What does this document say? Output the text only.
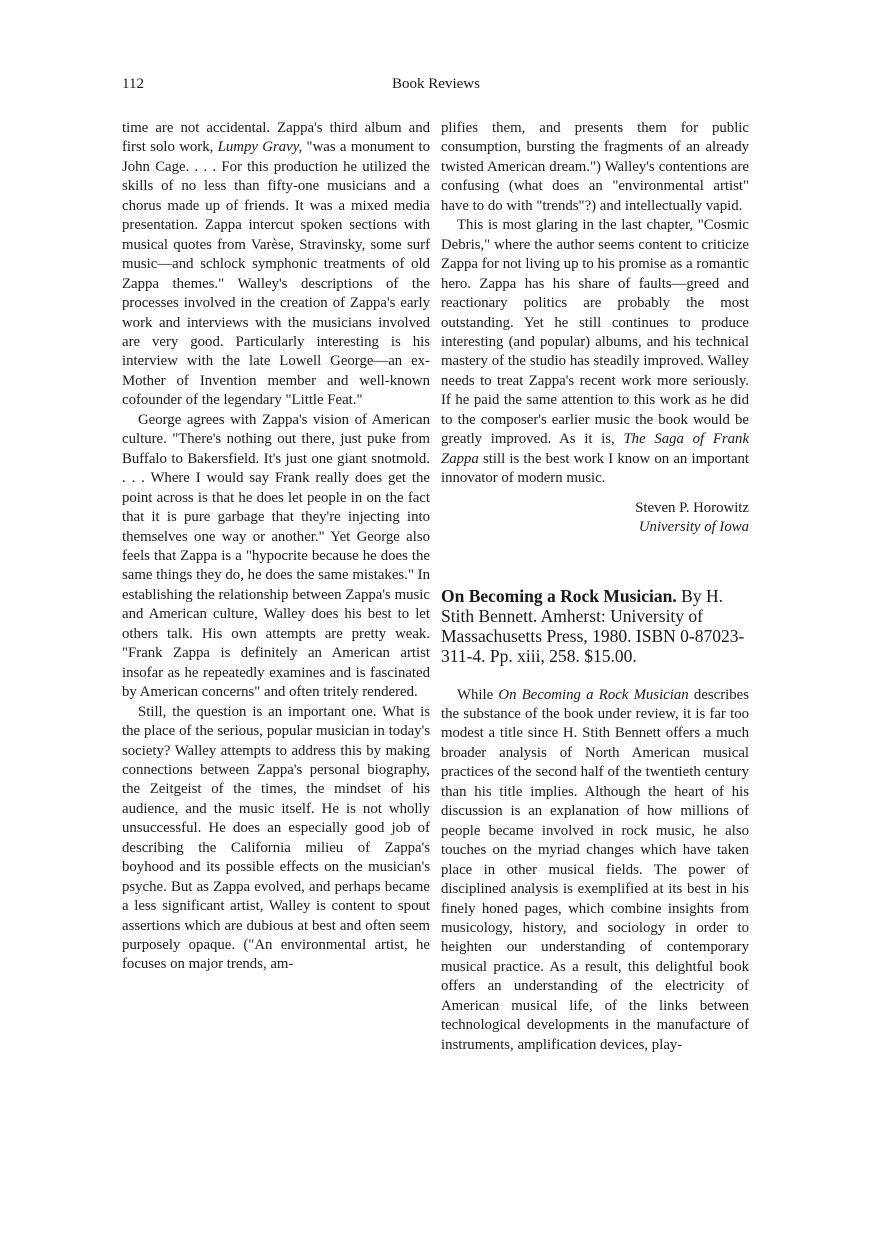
112	Book Reviews

time are not accidental. Zappa's third album and first solo work, Lumpy Gravy, "was a monument to John Cage. . . . For this production he utilized the skills of no less than fifty-one musicians and a chorus made up of friends. It was a mixed media presentation. Zappa intercut spoken sections with musical quotes from Varèse, Stravinsky, some surf music—and schlock symphonic treatments of old Zappa themes." Walley's descriptions of the processes involved in the creation of Zappa's early work and interviews with the musicians involved are very good. Particularly interesting is his interview with the late Lowell George—an ex-Mother of Invention member and well-known cofounder of the legendary "Little Feat."

George agrees with Zappa's vision of American culture. "There's nothing out there, just puke from Buffalo to Bakersfield. It's just one giant snotmold. . . . Where I would say Frank really does get the point across is that he does let people in on the fact that it is pure garbage that they're injecting into themselves one way or another." Yet George also feels that Zappa is a "hypocrite because he does the same things they do, he does the same mistakes." In establishing the relationship between Zappa's music and American culture, Walley does his best to let others talk. His own attempts are pretty weak. "Frank Zappa is definitely an American artist insofar as he repeatedly examines and is fascinated by American concerns" and often tritely rendered.

Still, the question is an important one. What is the place of the serious, popular musician in today's society? Walley attempts to address this by making connections between Zappa's personal biography, the Zeitgeist of the times, the mindset of his audience, and the music itself. He is not wholly unsuccessful. He does an especially good job of describing the California milieu of Zappa's boyhood and its possible effects on the musician's psyche. But as Zappa evolved, and perhaps became a less significant artist, Walley is content to spout assertions which are dubious at best and often seem purposely opaque. ("An environmental artist, he focuses on major trends, am-

plifies them, and presents them for public consumption, bursting the fragments of an already twisted American dream.") Walley's contentions are confusing (what does an "environmental artist" have to do with "trends"?) and intellectually vapid.

This is most glaring in the last chapter, "Cosmic Debris," where the author seems content to criticize Zappa for not living up to his promise as a romantic hero. Zappa has his share of faults—greed and reactionary politics are probably the most outstanding. Yet he still continues to produce interesting (and popular) albums, and his technical mastery of the studio has steadily improved. Walley needs to treat Zappa's recent work more seriously. If he paid the same attention to this work as he did to the composer's earlier music the book would be greatly improved. As it is, The Saga of Frank Zappa still is the best work I know on an important innovator of modern music.

Steven P. Horowitz
University of Iowa
On Becoming a Rock Musician. By H. Stith Bennett. Amherst: University of Massachusetts Press, 1980. ISBN 0-87023-311-4. Pp. xiii, 258. $15.00.

While On Becoming a Rock Musician describes the substance of the book under review, it is far too modest a title since H. Stith Bennett offers a much broader analysis of North American musical practices of the second half of the twentieth century than his title implies. Although the heart of his discussion is an explanation of how millions of people became involved in rock music, he also touches on the myriad changes which have taken place in other musical fields. The power of disciplined analysis is exemplified at its best in his finely honed pages, which combine insights from musicology, history, and sociology in order to heighten our understanding of contemporary musical practice. As a result, this delightful book offers an understanding of the electricity of American musical life, of the links between technological developments in the manufacture of instruments, amplification devices, play-
